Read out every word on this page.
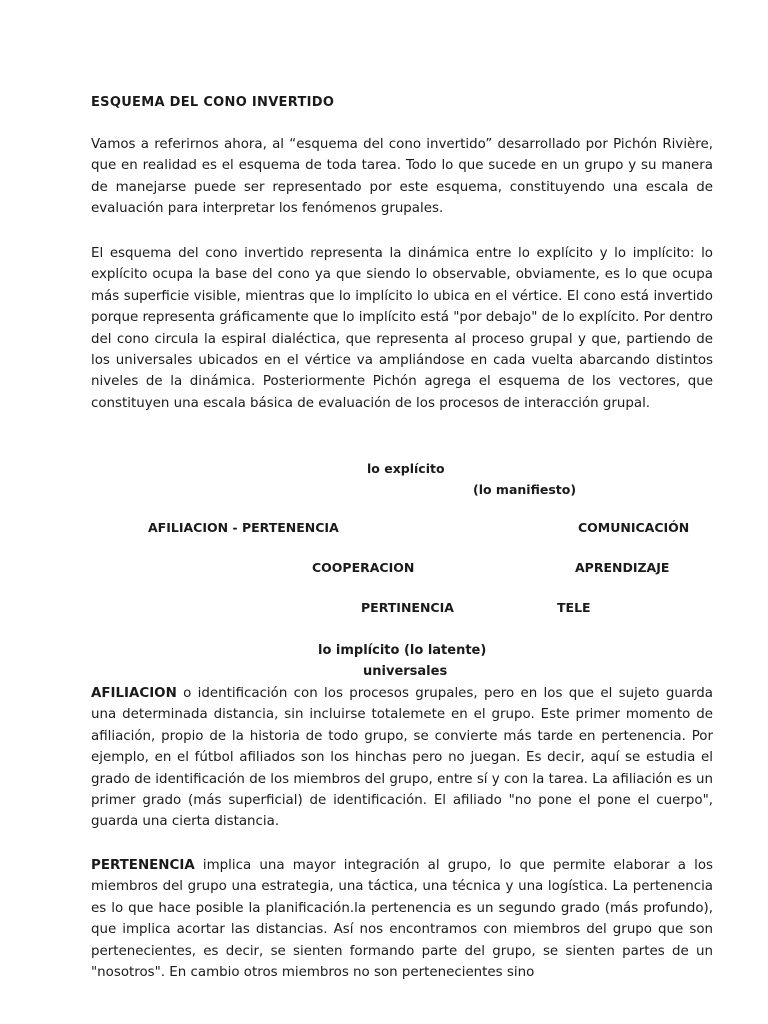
ESQUEMA DEL CONO INVERTIDO

Vamos a referirnos ahora, al “esquema del cono invertido” desarrollado por Pichón Rivière, que en realidad es el esquema de toda tarea. Todo lo que sucede en un grupo y su manera de manejarse puede ser representado por este esquema, constituyendo una escala de evaluación para interpretar los fenómenos grupales.

El esquema del cono invertido representa la dinámica entre lo explícito y lo implícito: lo explícito ocupa la base del cono ya que siendo lo observable, obviamente, es lo que ocupa más superficie visible, mientras que lo implícito lo ubica en el vértice. El cono está invertido porque representa gráficamente que lo implícito está "por debajo" de lo explícito. Por dentro del cono circula la espiral dialéctica, que representa al proceso grupal y que, partiendo de los universales ubicados en el vértice va ampliándose en cada vuelta abarcando distintos niveles de la dinámica. Posteriormente Pichón agrega el esquema de los vectores, que constituyen una escala básica de evaluación de los procesos de interacción grupal.

lo explícito
(lo manifiesto)
AFILIACION - PERTENENCIA	COMUNICACIÓN
COOPERACION	APRENDIZAJE
PERTINENCIA	TELE
lo implícito (lo latente)
universales

AFILIACION o identificación con los procesos grupales, pero en los que el sujeto guarda una determinada distancia, sin incluirse totalemete en el grupo. Este primer momento de afiliación, propio de la historia de todo grupo, se convierte más tarde en pertenencia. Por ejemplo, en el fútbol afiliados son los hinchas pero no juegan. Es decir, aquí se estudia el grado de identificación de los miembros del grupo, entre sí y con la tarea. La afiliación es un primer grado (más superficial) de identificación. El afiliado "no pone el pone el cuerpo", guarda una cierta distancia.

PERTENENCIA implica una mayor integración al grupo, lo que permite elaborar a los miembros del grupo una estrategia, una táctica, una técnica y una logística. La pertenencia es lo que hace posible la planificación.la pertenencia es un segundo grado (más profundo), que implica acortar las distancias. Así nos encontramos con miembros del grupo que son pertenecientes, es decir, se sienten formando parte del grupo, se sienten partes de un "nosotros". En cambio otros miembros no son pertenecientes sino
